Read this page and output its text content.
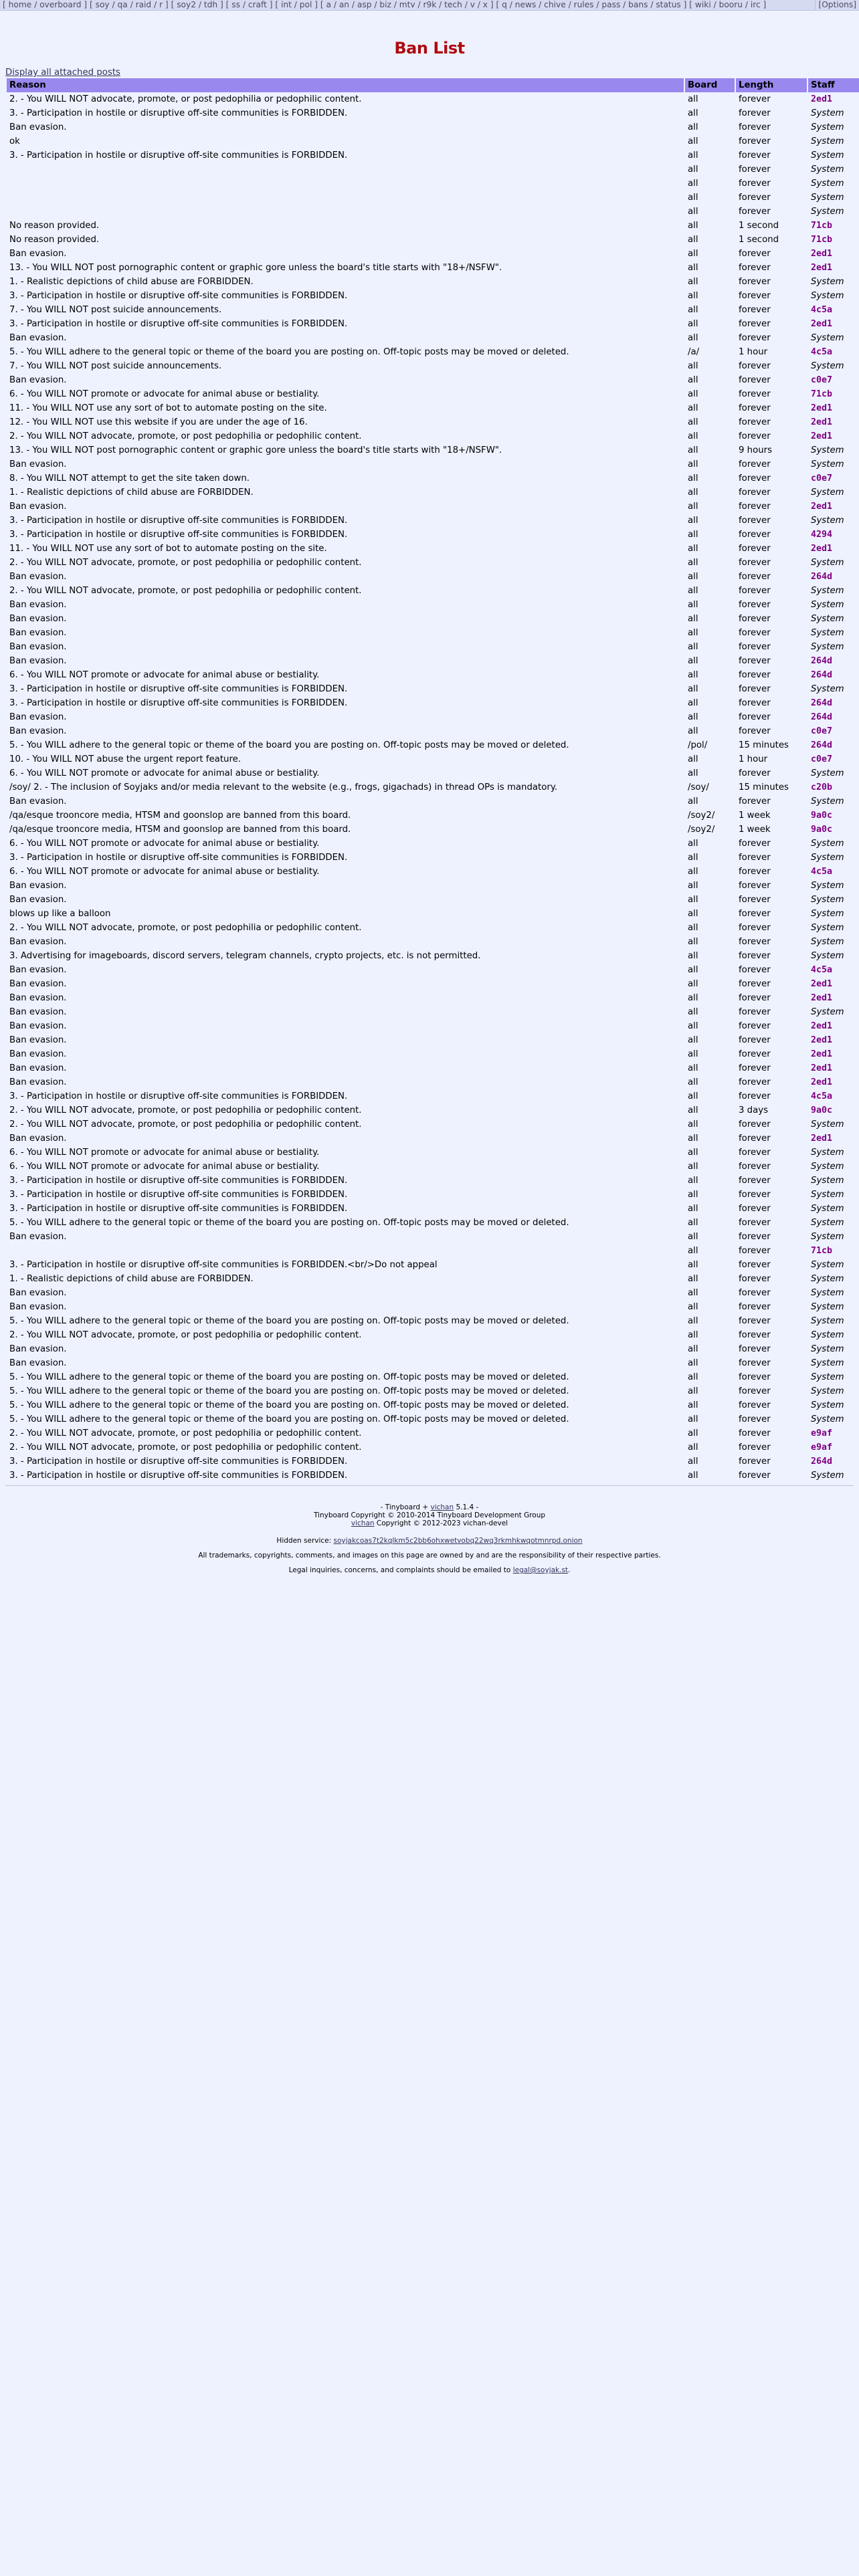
[ home / overboard ] [ soy / qa / raid / r ] [ soy2 / tdh ] [ ss / craft ] [ int / pol ] [ a / an / asp / biz / mtv / r9k / tech / v / x ] [ q / news / chive / rules / pass / bans / status ] [ wiki / booru / irc ]	[Options]
Ban List
Display all attached posts
Reason	Board	Length	Staff
2. - You WILL NOT advocate, promote, or post pedophilia or pedophilic content.	all	forever	2ed1
3. - Participation in hostile or disruptive off-site communities is FORBIDDEN.	all	forever	System
Ban evasion.	all	forever	System
ok	all	forever	System
3. - Participation in hostile or disruptive off-site communities is FORBIDDEN.	all	forever	System
	all	forever	System
	all	forever	System
	all	forever	System
	all	forever	System
No reason provided.	all	1 second	71cb
No reason provided.	all	1 second	71cb
Ban evasion.	all	forever	2ed1
13. - You WILL NOT post pornographic content or graphic gore unless the board's title starts with "18+/NSFW".	all	forever	2ed1
1. - Realistic depictions of child abuse are FORBIDDEN.	all	forever	System
3. - Participation in hostile or disruptive off-site communities is FORBIDDEN.	all	forever	System
7. - You WILL NOT post suicide announcements.	all	forever	4c5a
3. - Participation in hostile or disruptive off-site communities is FORBIDDEN.	all	forever	2ed1
Ban evasion.	all	forever	System
5. - You WILL adhere to the general topic or theme of the board you are posting on. Off-topic posts may be moved or deleted.	/a/	1 hour	4c5a
7. - You WILL NOT post suicide announcements.	all	forever	System
Ban evasion.	all	forever	c0e7
6. - You WILL NOT promote or advocate for animal abuse or bestiality.	all	forever	71cb
11. - You WILL NOT use any sort of bot to automate posting on the site.	all	forever	2ed1
12. - You WILL NOT use this website if you are under the age of 16.	all	forever	2ed1
2. - You WILL NOT advocate, promote, or post pedophilia or pedophilic content.	all	forever	2ed1
13. - You WILL NOT post pornographic content or graphic gore unless the board's title starts with "18+/NSFW".	all	9 hours	System
Ban evasion.	all	forever	System
8. - You WILL NOT attempt to get the site taken down.	all	forever	c0e7
1. - Realistic depictions of child abuse are FORBIDDEN.	all	forever	System
Ban evasion.	all	forever	2ed1
3. - Participation in hostile or disruptive off-site communities is FORBIDDEN.	all	forever	System
3. - Participation in hostile or disruptive off-site communities is FORBIDDEN.	all	forever	4294
11. - You WILL NOT use any sort of bot to automate posting on the site.	all	forever	2ed1
2. - You WILL NOT advocate, promote, or post pedophilia or pedophilic content.	all	forever	System
Ban evasion.	all	forever	264d
2. - You WILL NOT advocate, promote, or post pedophilia or pedophilic content.	all	forever	System
Ban evasion.	all	forever	System
Ban evasion.	all	forever	System
Ban evasion.	all	forever	System
Ban evasion.	all	forever	System
Ban evasion.	all	forever	264d
6. - You WILL NOT promote or advocate for animal abuse or bestiality.	all	forever	264d
3. - Participation in hostile or disruptive off-site communities is FORBIDDEN.	all	forever	System
3. - Participation in hostile or disruptive off-site communities is FORBIDDEN.	all	forever	264d
Ban evasion.	all	forever	264d
Ban evasion.	all	forever	c0e7
5. - You WILL adhere to the general topic or theme of the board you are posting on. Off-topic posts may be moved or deleted.	/pol/	15 minutes	264d
10. - You WILL NOT abuse the urgent report feature.	all	1 hour	c0e7
6. - You WILL NOT promote or advocate for animal abuse or bestiality.	all	forever	System
/soy/ 2. - The inclusion of Soyjaks and/or media relevant to the website (e.g., frogs, gigachads) in thread OPs is mandatory.	/soy/	15 minutes	c20b
Ban evasion.	all	forever	System
/qa/esque trooncore media, HTSM and goonslop are banned from this board.	/soy2/	1 week	9a0c
/qa/esque trooncore media, HTSM and goonslop are banned from this board.	/soy2/	1 week	9a0c
6. - You WILL NOT promote or advocate for animal abuse or bestiality.	all	forever	System
3. - Participation in hostile or disruptive off-site communities is FORBIDDEN.	all	forever	System
6. - You WILL NOT promote or advocate for animal abuse or bestiality.	all	forever	4c5a
Ban evasion.	all	forever	System
Ban evasion.	all	forever	System
blows up like a balloon	all	forever	System
2. - You WILL NOT advocate, promote, or post pedophilia or pedophilic content.	all	forever	System
Ban evasion.	all	forever	System
3. Advertising for imageboards, discord servers, telegram channels, crypto projects, etc. is not permitted.	all	forever	System
Ban evasion.	all	forever	4c5a
Ban evasion.	all	forever	2ed1
Ban evasion.	all	forever	2ed1
Ban evasion.	all	forever	System
Ban evasion.	all	forever	2ed1
Ban evasion.	all	forever	2ed1
Ban evasion.	all	forever	2ed1
Ban evasion.	all	forever	2ed1
Ban evasion.	all	forever	2ed1
3. - Participation in hostile or disruptive off-site communities is FORBIDDEN.	all	forever	4c5a
2. - You WILL NOT advocate, promote, or post pedophilia or pedophilic content.	all	3 days	9a0c
2. - You WILL NOT advocate, promote, or post pedophilia or pedophilic content.	all	forever	System
Ban evasion.	all	forever	2ed1
6. - You WILL NOT promote or advocate for animal abuse or bestiality.	all	forever	System
6. - You WILL NOT promote or advocate for animal abuse or bestiality.	all	forever	System
3. - Participation in hostile or disruptive off-site communities is FORBIDDEN.	all	forever	System
3. - Participation in hostile or disruptive off-site communities is FORBIDDEN.	all	forever	System
3. - Participation in hostile or disruptive off-site communities is FORBIDDEN.	all	forever	System
5. - You WILL adhere to the general topic or theme of the board you are posting on. Off-topic posts may be moved or deleted.	all	forever	System
Ban evasion.	all	forever	System
	all	forever	71cb
3. - Participation in hostile or disruptive off-site communities is FORBIDDEN.<br/>Do not appeal	all	forever	System
1. - Realistic depictions of child abuse are FORBIDDEN.	all	forever	System
Ban evasion.	all	forever	System
Ban evasion.	all	forever	System
5. - You WILL adhere to the general topic or theme of the board you are posting on. Off-topic posts may be moved or deleted.	all	forever	System
2. - You WILL NOT advocate, promote, or post pedophilia or pedophilic content.	all	forever	System
Ban evasion.	all	forever	System
Ban evasion.	all	forever	System
5. - You WILL adhere to the general topic or theme of the board you are posting on. Off-topic posts may be moved or deleted.	all	forever	System
5. - You WILL adhere to the general topic or theme of the board you are posting on. Off-topic posts may be moved or deleted.	all	forever	System
5. - You WILL adhere to the general topic or theme of the board you are posting on. Off-topic posts may be moved or deleted.	all	forever	System
5. - You WILL adhere to the general topic or theme of the board you are posting on. Off-topic posts may be moved or deleted.	all	forever	System
2. - You WILL NOT advocate, promote, or post pedophilia or pedophilic content.	all	forever	e9af
2. - You WILL NOT advocate, promote, or post pedophilia or pedophilic content.	all	forever	e9af
3. - Participation in hostile or disruptive off-site communities is FORBIDDEN.	all	forever	264d
3. - Participation in hostile or disruptive off-site communities is FORBIDDEN.	all	forever	System

- Tinyboard + vichan 5.1.4 -

Tinyboard Copyright © 2010-2014 Tinyboard Development Group

vichan Copyright © 2012-2023 vichan-devel

Hidden service: soyjakcoas7t2kqlkm5c2bb6ohxwetvobq22wq3rkmhkwqotmnrpd.onion

All trademarks, copyrights, comments, and images on this page are owned by and are the responsibility of their respective parties.

Legal inquiries, concerns, and complaints should be emailed to legal@soyjak.st.
